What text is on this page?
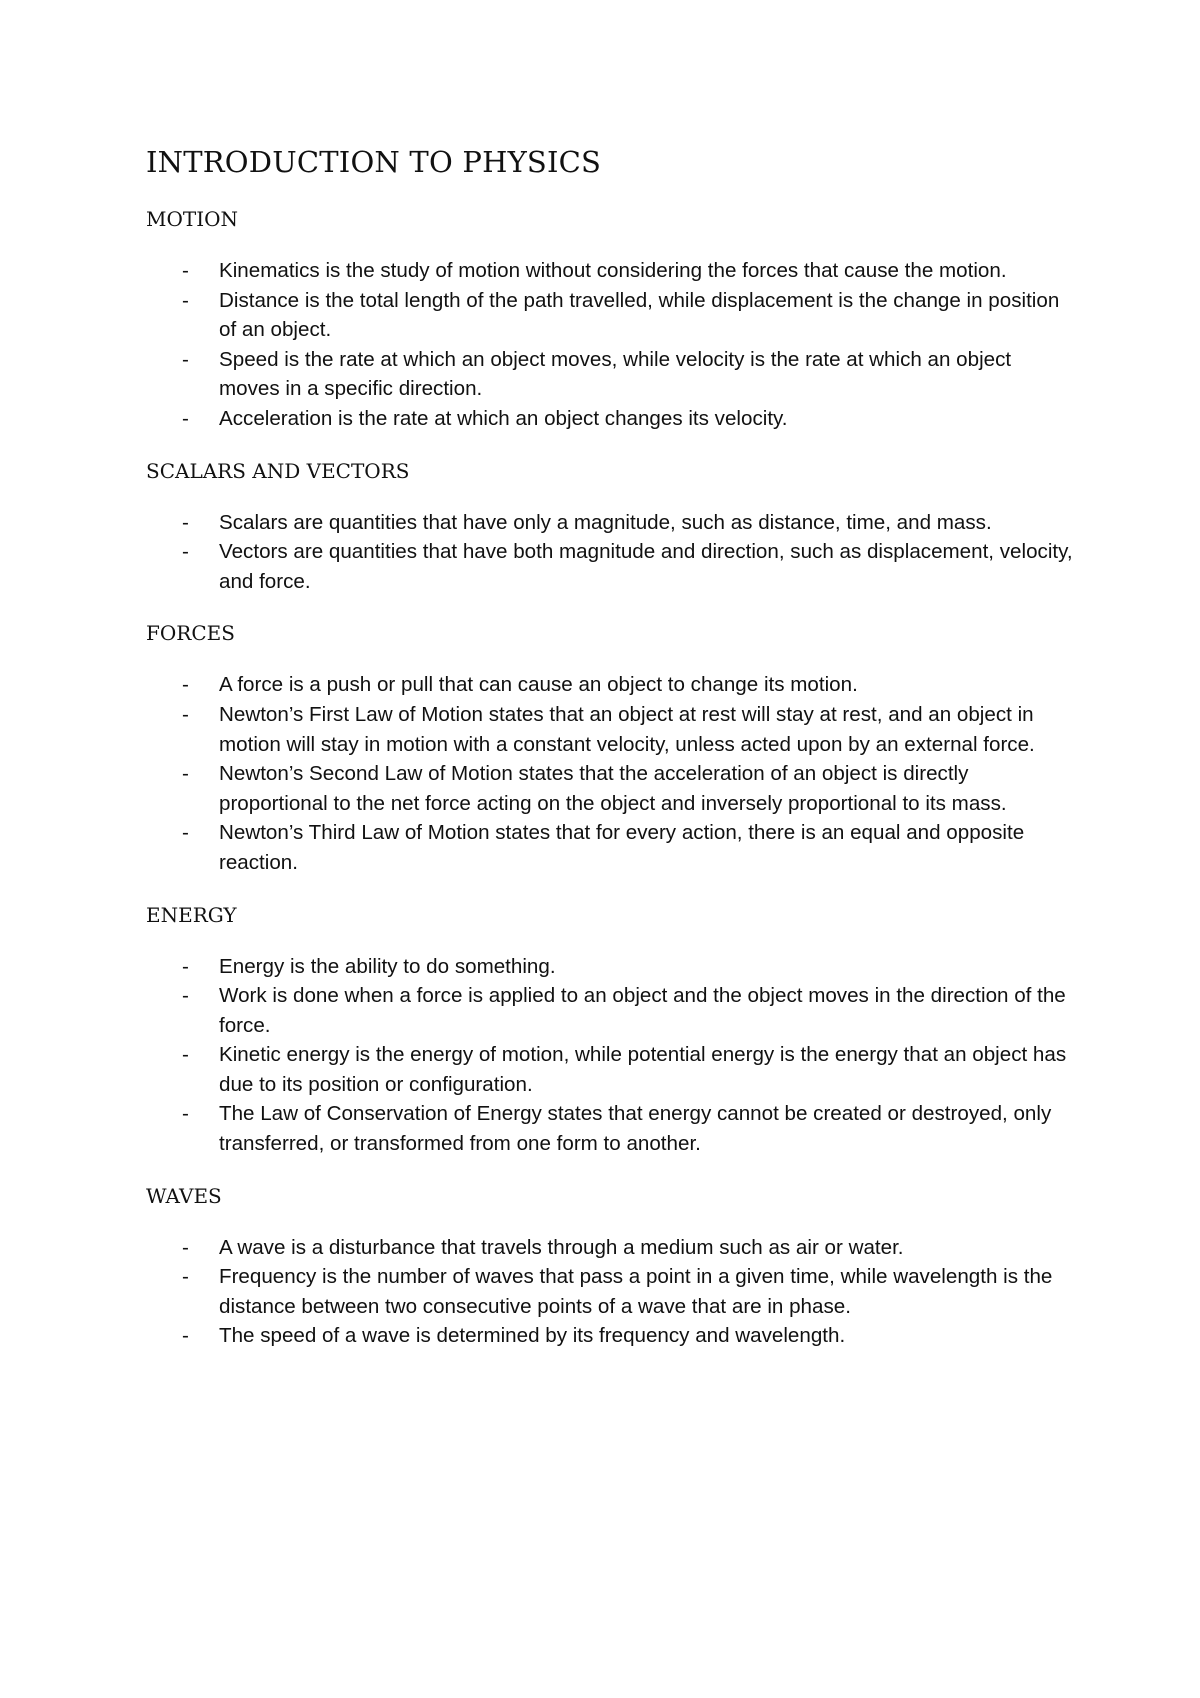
INTRODUCTION TO PHYSICS
MOTION
- Kinematics is the study of motion without considering the forces that cause the motion.
- Distance is the total length of the path travelled, while displacement is the change in position of an object.
- Speed is the rate at which an object moves, while velocity is the rate at which an object moves in a specific direction.
- Acceleration is the rate at which an object changes its velocity.
SCALARS AND VECTORS
- Scalars are quantities that have only a magnitude, such as distance, time, and mass.
- Vectors are quantities that have both magnitude and direction, such as displacement, velocity, and force.
FORCES
- A force is a push or pull that can cause an object to change its motion.
- Newton’s First Law of Motion states that an object at rest will stay at rest, and an object in motion will stay in motion with a constant velocity, unless acted upon by an external force.
- Newton’s Second Law of Motion states that the acceleration of an object is directly proportional to the net force acting on the object and inversely proportional to its mass.
- Newton’s Third Law of Motion states that for every action, there is an equal and opposite reaction.
ENERGY
- Energy is the ability to do something.
- Work is done when a force is applied to an object and the object moves in the direction of the force.
- Kinetic energy is the energy of motion, while potential energy is the energy that an object has due to its position or configuration.
- The Law of Conservation of Energy states that energy cannot be created or destroyed, only transferred, or transformed from one form to another.
WAVES
- A wave is a disturbance that travels through a medium such as air or water.
- Frequency is the number of waves that pass a point in a given time, while wavelength is the distance between two consecutive points of a wave that are in phase.
- The speed of a wave is determined by its frequency and wavelength.
